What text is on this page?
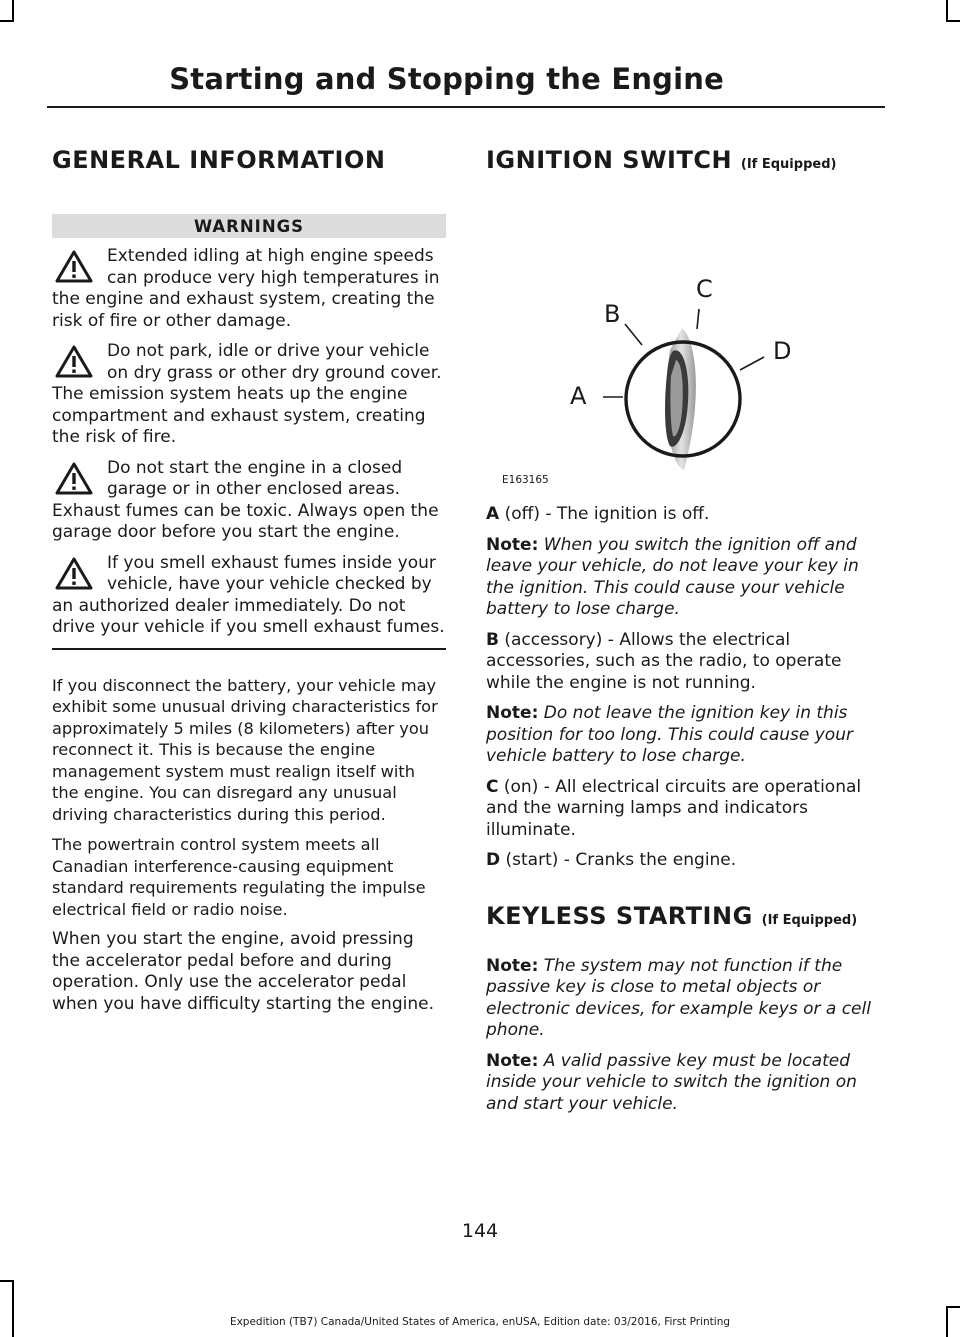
Starting and Stopping the Engine
GENERAL INFORMATION
WARNINGS
Extended idling at high engine speeds can produce very high temperatures in the engine and exhaust system, creating the risk of fire or other damage.
Do not park, idle or drive your vehicle on dry grass or other dry ground cover. The emission system heats up the engine compartment and exhaust system, creating the risk of fire.
Do not start the engine in a closed garage or in other enclosed areas. Exhaust fumes can be toxic. Always open the garage door before you start the engine.
If you smell exhaust fumes inside your vehicle, have your vehicle checked by an authorized dealer immediately. Do not drive your vehicle if you smell exhaust fumes.

If you disconnect the battery, your vehicle may exhibit some unusual driving characteristics for approximately 5 miles (8 kilometers) after you reconnect it. This is because the engine management system must realign itself with the engine. You can disregard any unusual driving characteristics during this period.

The powertrain control system meets all Canadian interference-causing equipment standard requirements regulating the impulse electrical field or radio noise.

When you start the engine, avoid pressing the accelerator pedal before and during operation. Only use the accelerator pedal when you have difficulty starting the engine.

IGNITION SWITCH (If Equipped)
A
B
C
D
E163165

A (off) - The ignition is off.

Note: When you switch the ignition off and leave your vehicle, do not leave your key in the ignition. This could cause your vehicle battery to lose charge.

B (accessory) - Allows the electrical accessories, such as the radio, to operate while the engine is not running.

Note: Do not leave the ignition key in this position for too long. This could cause your vehicle battery to lose charge.

C (on) - All electrical circuits are operational and the warning lamps and indicators illuminate.

D (start) - Cranks the engine.

KEYLESS STARTING (If Equipped)

Note: The system may not function if the passive key is close to metal objects or electronic devices, for example keys or a cell phone.

Note: A valid passive key must be located inside your vehicle to switch the ignition on and start your vehicle.

144
Expedition (TB7) Canada/United States of America, enUSA, Edition date: 03/2016, First Printing
